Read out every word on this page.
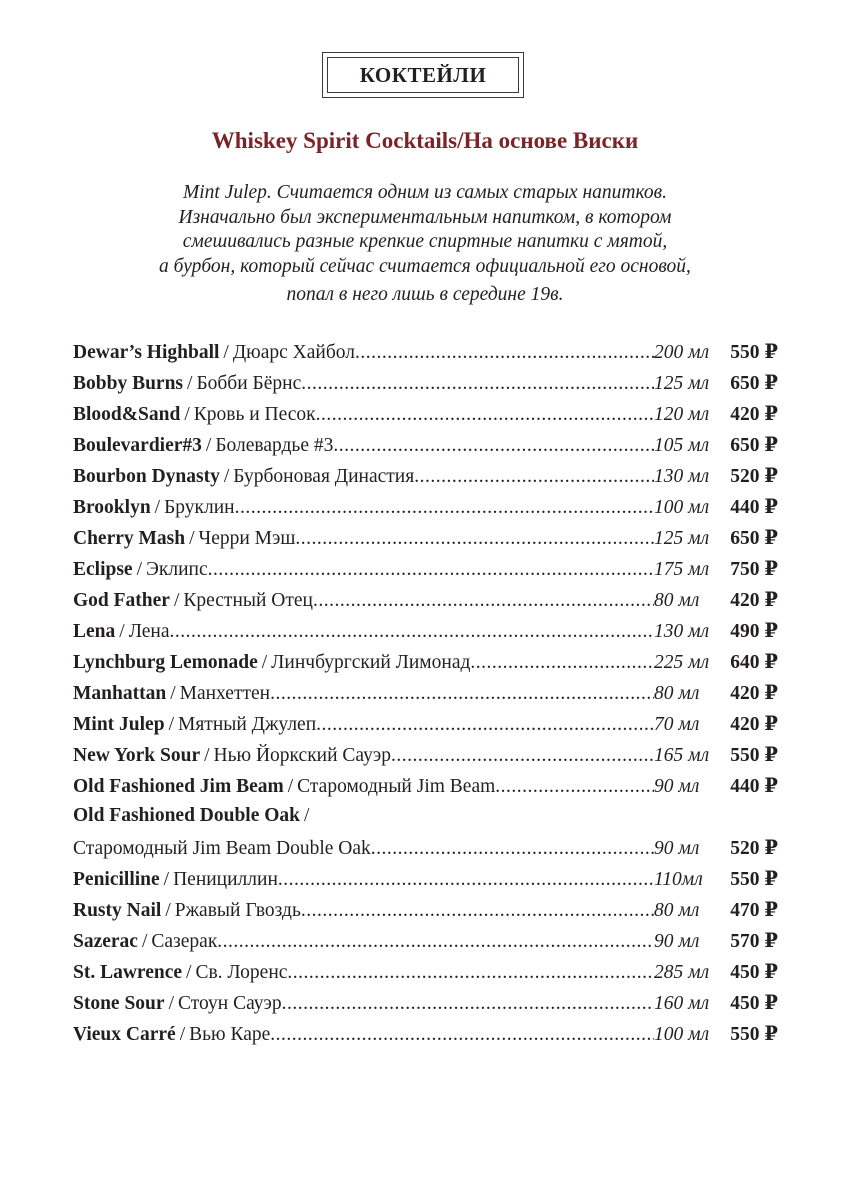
КОКТЕЙЛИ
Whiskey Spirit Cocktails/На основе Виски
Mint Julep. Считается одним из самых старых напитков.
Изначально был экспериментальным напитком, в котором
смешивались разные крепкие спиртные напитки с мятой,
а бурбон, который сейчас считается официальной его основой,
попал в него лишь в середине 19в.
Dewar’s Highball / Дюарс Хайбол .....	200 мл	550 ₽
Bobby Burns / Бобби Бёрнс .....	125 мл	650 ₽
Blood&Sand / Кровь и Песок .....	120 мл	420 ₽
Boulevardier#3 / Болевардье #3 .....	105 мл	650 ₽
Bourbon Dynasty / Бурбоновая Династия .....	130 мл	520 ₽
Brooklyn / Бруклин .....	100 мл	440 ₽
Cherry Mash / Черри Мэш .....	125 мл	650 ₽
Eclipse / Эклипс .....	175 мл	750 ₽
God Father / Крестный Отец .....	80 мл	420 ₽
Lena / Лена .....	130 мл	490 ₽
Lynchburg Lemonade / Линчбургский Лимонад .....	225 мл	640 ₽
Manhattan / Манхеттен .....	80 мл	420 ₽
Mint Julep / Мятный Джулеп .....	70 мл	420 ₽
New York Sour / Нью Йоркский Сауэр .....	165 мл	550 ₽
Old Fashioned Jim Beam / Старомодный Jim Beam .....	90 мл	440 ₽
Old Fashioned Double Oak /
Старомодный Jim Beam Double Oak .....	90 мл	520 ₽
Penicilline / Пенициллин .....	110мл	550 ₽
Rusty Nail / Ржавый Гвоздь .....	80 мл	470 ₽
Sazerac / Сазерак .....	90 мл	570 ₽
St. Lawrence / Св. Лоренс .....	285 мл	450 ₽
Stone Sour / Стоун Сауэр .....	160 мл	450 ₽
Vieux Carré / Вью Каре .....	100 мл	550 ₽
